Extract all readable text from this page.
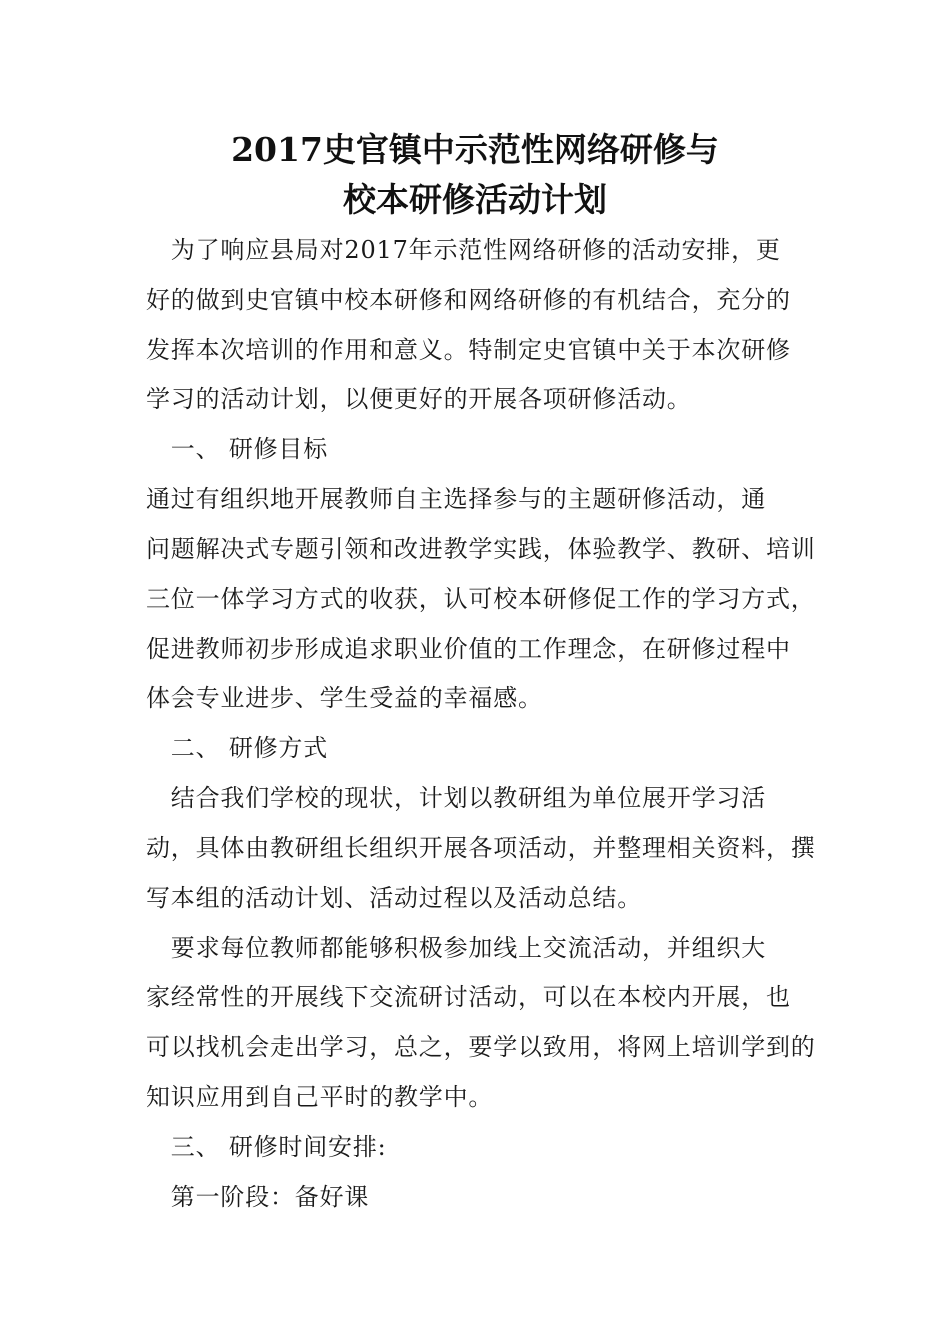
2017史官镇中示范性网络研修与
校本研修活动计划
　为了响应县局对2017年示范性网络研修的活动安排，更
好的做到史官镇中校本研修和网络研修的有机结合，充分的
发挥本次培训的作用和意义。特制定史官镇中关于本次研修
学习的活动计划，以便更好的开展各项研修活动。
　一、 研修目标
通过有组织地开展教师自主选择参与的主题研修活动，通
问题解决式专题引领和改进教学实践，体验教学、教研、培训
三位一体学习方式的收获，认可校本研修促工作的学习方式，
促进教师初步形成追求职业价值的工作理念，在研修过程中
体会专业进步、学生受益的幸福感。
　二、 研修方式
　结合我们学校的现状，计划以教研组为单位展开学习活
动，具体由教研组长组织开展各项活动，并整理相关资料，撰
写本组的活动计划、活动过程以及活动总结。
　要求每位教师都能够积极参加线上交流活动，并组织大
家经常性的开展线下交流研讨活动，可以在本校内开展，也
可以找机会走出学习，总之，要学以致用，将网上培训学到的
知识应用到自己平时的教学中。
　三、 研修时间安排:
　第一阶段：备好课
